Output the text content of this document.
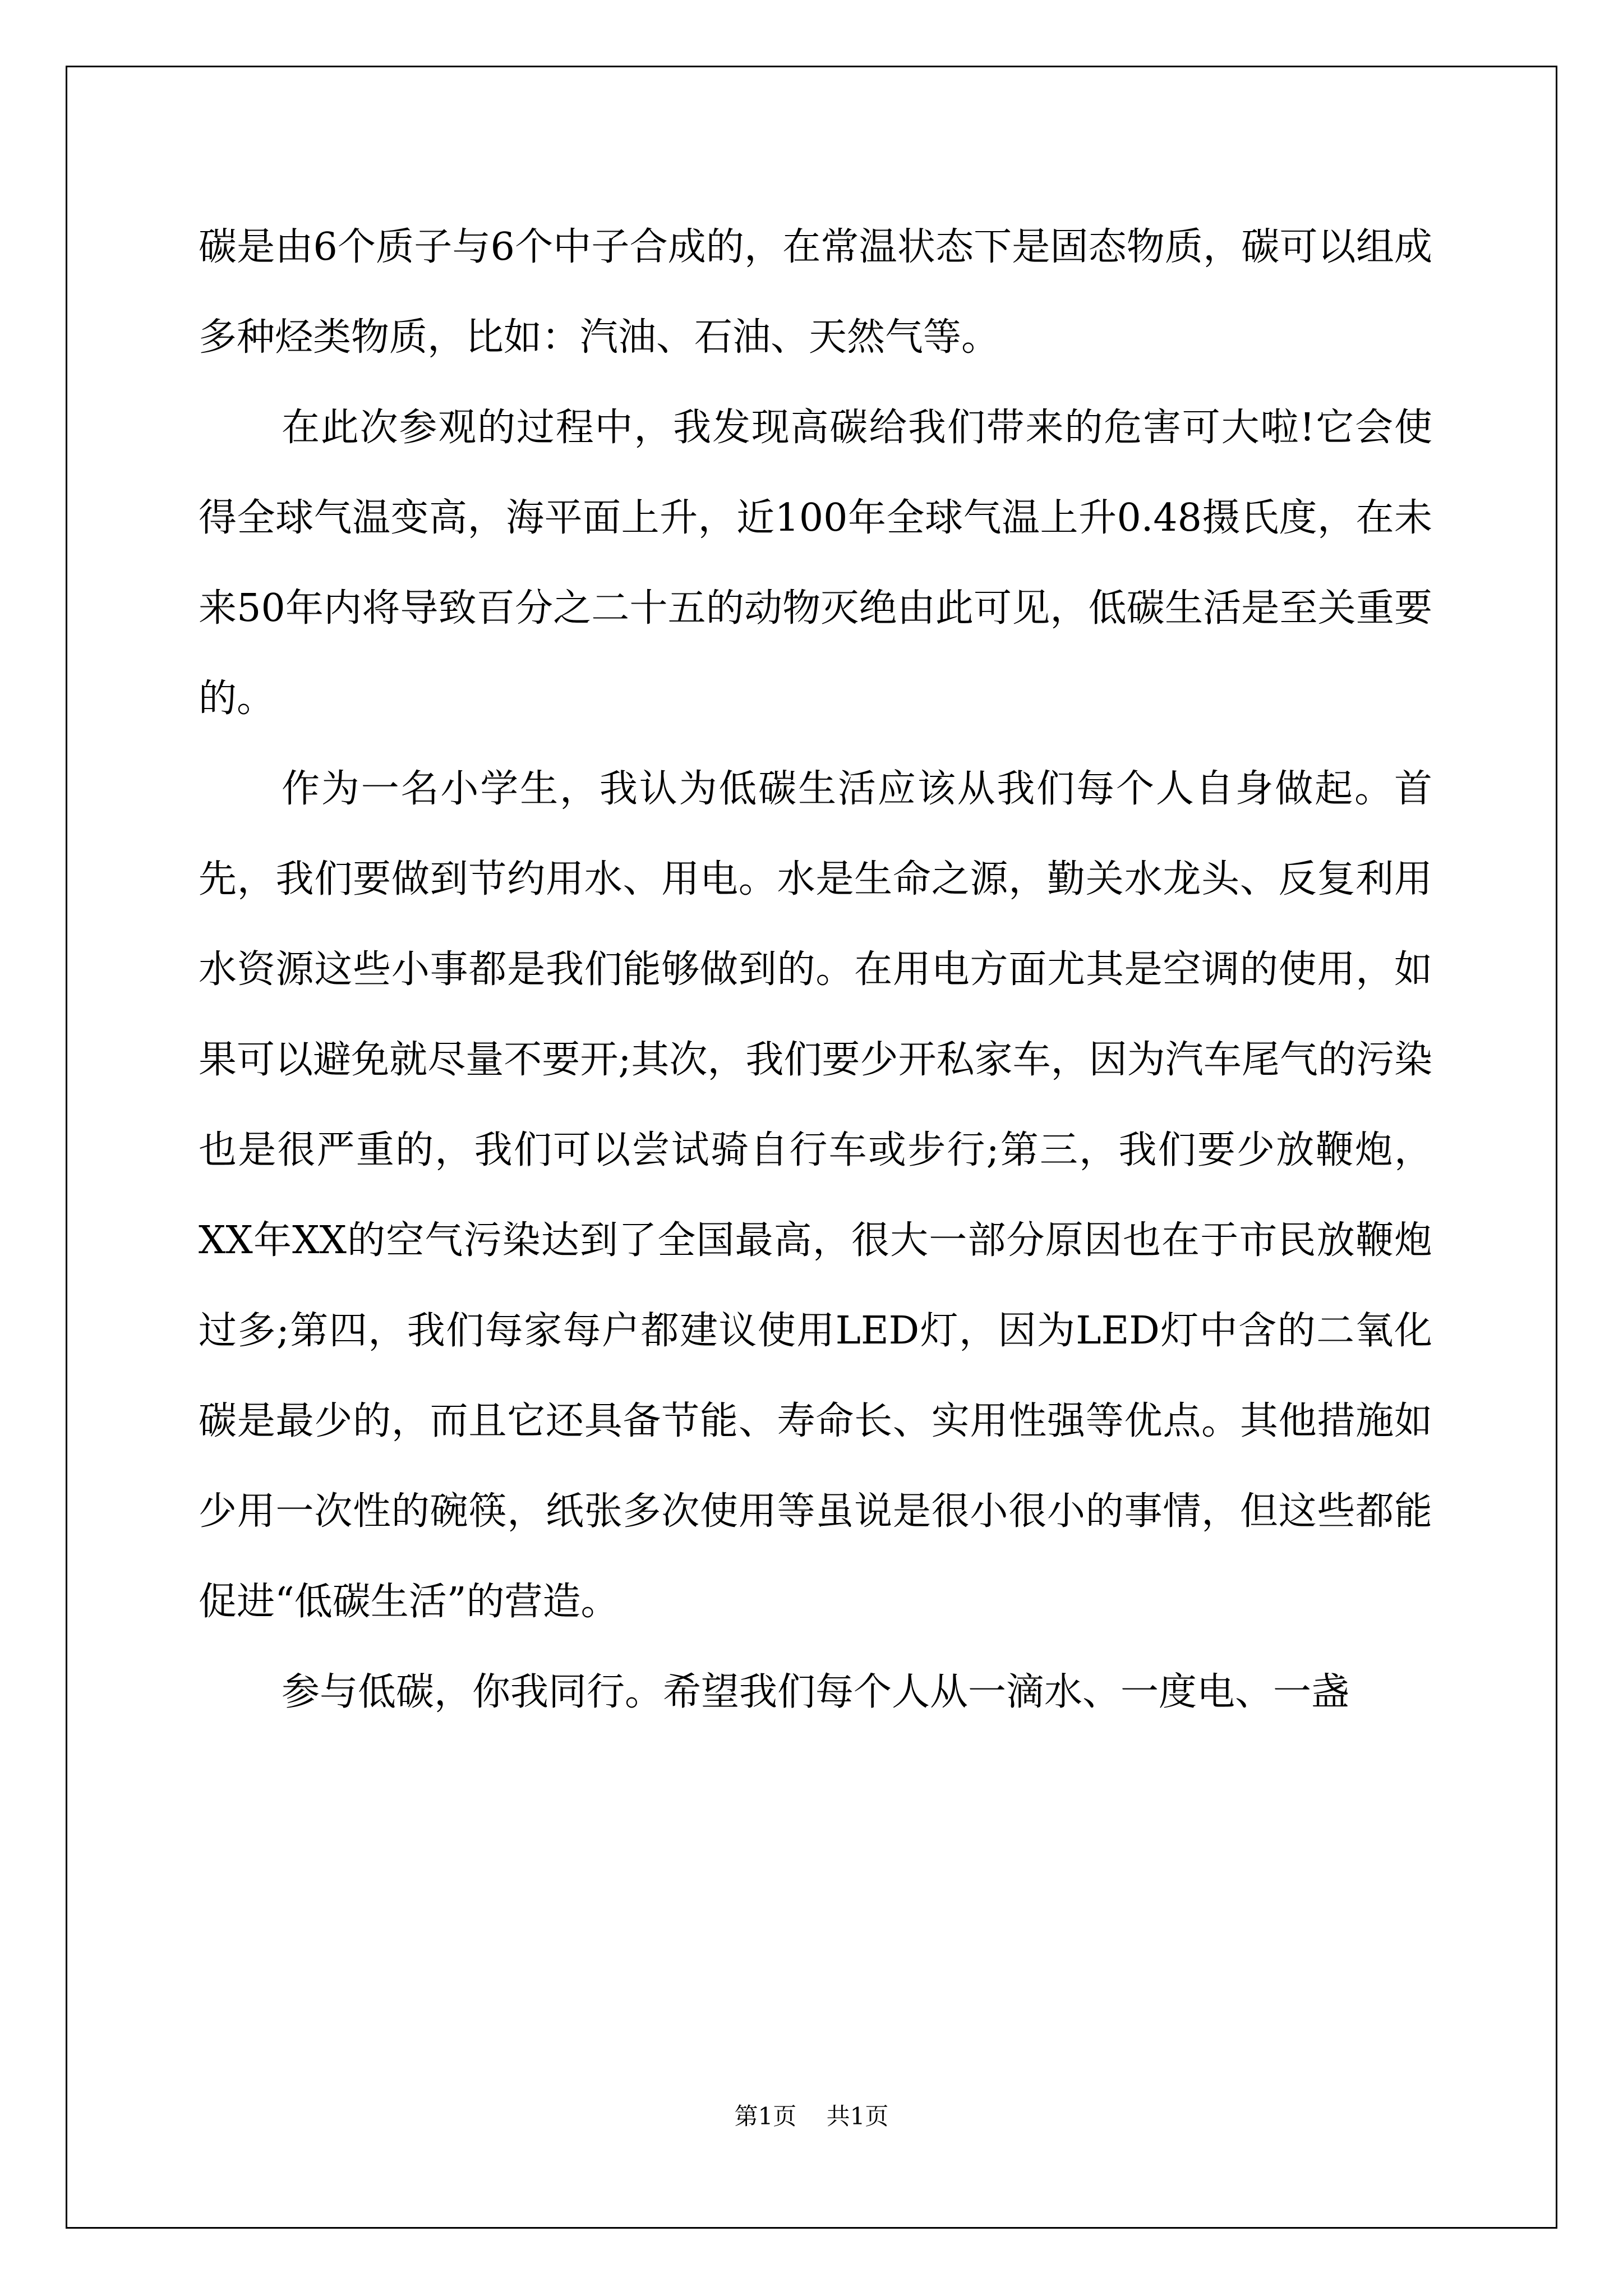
碳是由6个质子与6个中子合成的，在常温状态下是固态物质，碳可以组成多种烃类物质，比如：汽油、石油、天然气等。

在此次参观的过程中，我发现高碳给我们带来的危害可大啦!它会使得全球气温变高，海平面上升，近100年全球气温上升0.48摄氏度，在未来50年内将导致百分之二十五的动物灭绝由此可见，低碳生活是至关重要的。

作为一名小学生，我认为低碳生活应该从我们每个人自身做起。首先，我们要做到节约用水、用电。水是生命之源，勤关水龙头、反复利用水资源这些小事都是我们能够做到的。在用电方面尤其是空调的使用，如果可以避免就尽量不要开;其次，我们要少开私家车，因为汽车尾气的污染也是很严重的，我们可以尝试骑自行车或步行;第三，我们要少放鞭炮，XX年XX的空气污染达到了全国最高，很大一部分原因也在于市民放鞭炮过多;第四，我们每家每户都建议使用LED灯，因为LED灯中含的二氧化碳是最少的，而且它还具备节能、寿命长、实用性强等优点。其他措施如少用一次性的碗筷，纸张多次使用等虽说是很小很小的事情，但这些都能促进“低碳生活”的营造。

参与低碳，你我同行。希望我们每个人从一滴水、一度电、一盏

第1页 共1页
